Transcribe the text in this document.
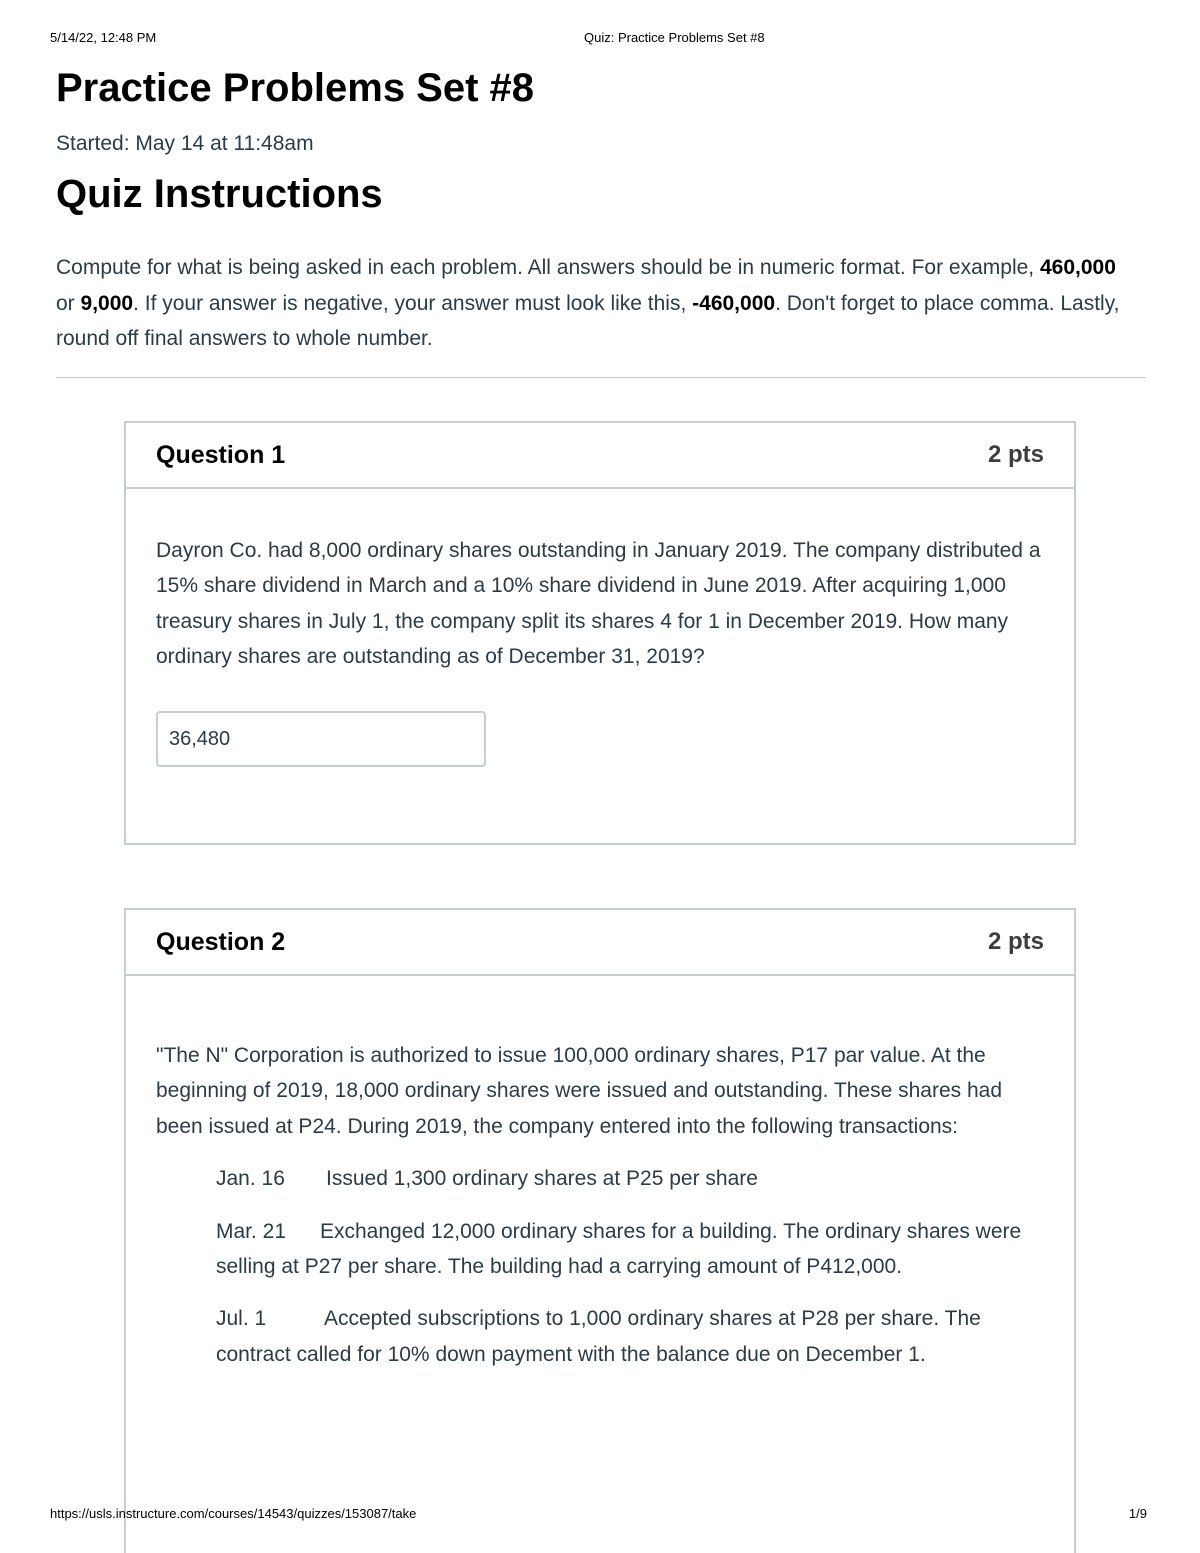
5/14/22, 12:48 PM	Quiz: Practice Problems Set #8
Practice Problems Set #8
Started: May 14 at 11:48am
Quiz Instructions
Compute for what is being asked in each problem. All answers should be in numeric format. For example, 460,000 or 9,000. If your answer is negative, your answer must look like this, -460,000. Don't forget to place comma. Lastly, round off final answers to whole number.
Question 1	2 pts
Dayron Co. had 8,000 ordinary shares outstanding in January 2019. The company distributed a 15% share dividend in March and a 10% share dividend in June 2019. After acquiring 1,000 treasury shares in July 1, the company split its shares 4 for 1 in December 2019. How many ordinary shares are outstanding as of December 31, 2019?
36,480
Question 2	2 pts
"The N" Corporation is authorized to issue 100,000 ordinary shares, P17 par value. At the beginning of 2019, 18,000 ordinary shares were issued and outstanding. These shares had been issued at P24. During 2019, the company entered into the following transactions:
Jan. 16 Issued 1,300 ordinary shares at P25 per share
Mar. 21 Exchanged 12,000 ordinary shares for a building. The ordinary shares were selling at P27 per share. The building had a carrying amount of P412,000.
Jul. 1	Accepted subscriptions to 1,000 ordinary shares at P28 per share. The contract called for 10% down payment with the balance due on December 1.
https://usls.instructure.com/courses/14543/quizzes/153087/take	1/9
